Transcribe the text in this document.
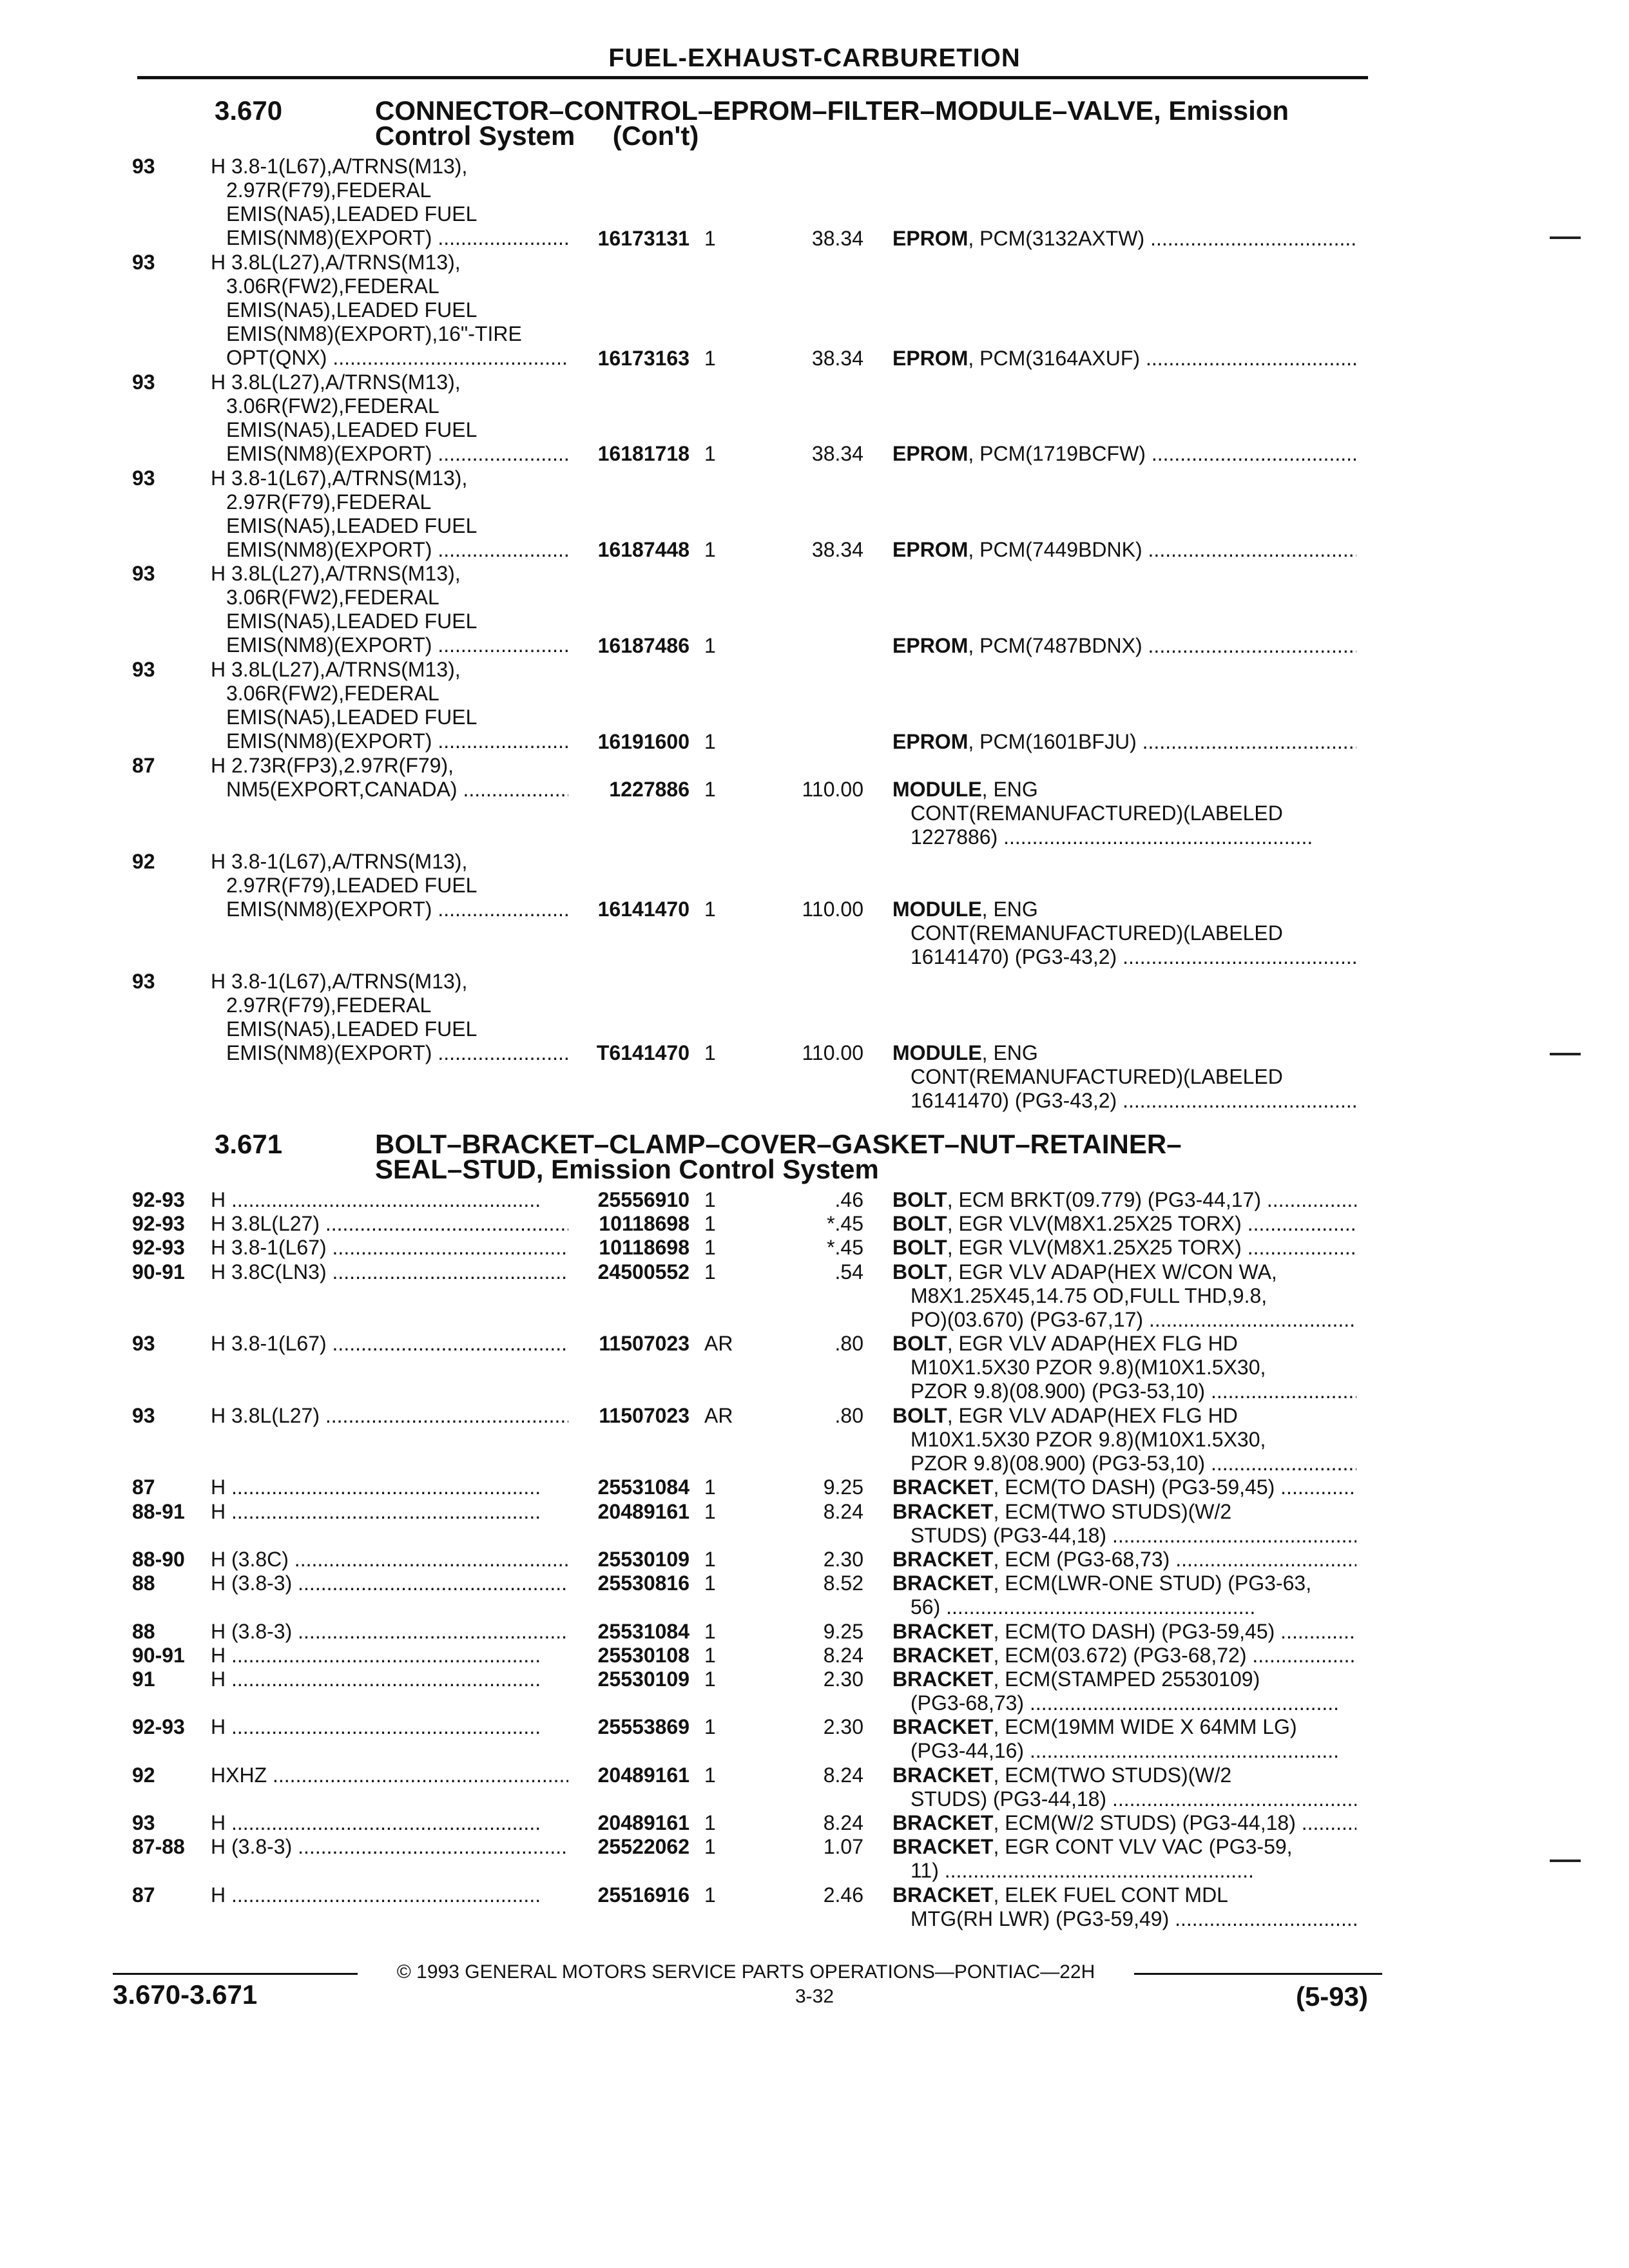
FUEL-EXHAUST-CARBURETION
3.670	CONNECTOR–CONTROL–EPROM–FILTER–MODULE–VALVE, Emission
Control System     (Con't)
93	H 3.8-1(L67),A/TRNS(M13),
2.97R(F79),FEDERAL
EMIS(NA5),LEADED FUEL
EMIS(NM8)(EXPORT) .....	16173131 1	38.34 EPROM, PCM(3132AXTW) .....
93	H 3.8L(L27),A/TRNS(M13),
3.06R(FW2),FEDERAL
EMIS(NA5),LEADED FUEL
EMIS(NM8)(EXPORT),16"-TIRE
OPT(QNX) .....	16173163 1	38.34 EPROM, PCM(3164AXUF) .....
93	H 3.8L(L27),A/TRNS(M13),
3.06R(FW2),FEDERAL
EMIS(NA5),LEADED FUEL
EMIS(NM8)(EXPORT) .....	16181718 1	38.34 EPROM, PCM(1719BCFW) .....
93	H 3.8-1(L67),A/TRNS(M13),
2.97R(F79),FEDERAL
EMIS(NA5),LEADED FUEL
EMIS(NM8)(EXPORT) .....	16187448 1	38.34 EPROM, PCM(7449BDNK) .....
93	H 3.8L(L27),A/TRNS(M13),
3.06R(FW2),FEDERAL
EMIS(NA5),LEADED FUEL
EMIS(NM8)(EXPORT) .....	16187486 1	EPROM, PCM(7487BDNX) .....
93	H 3.8L(L27),A/TRNS(M13),
3.06R(FW2),FEDERAL
EMIS(NA5),LEADED FUEL
EMIS(NM8)(EXPORT) .....	16191600 1	EPROM, PCM(1601BFJU) .....
87	H 2.73R(FP3),2.97R(F79),
NM5(EXPORT,CANADA) .....	1227886 1	110.00 MODULE, ENG
CONT(REMANUFACTURED)(LABELED
1227886) .....
92	H 3.8-1(L67),A/TRNS(M13),
2.97R(F79),LEADED FUEL
EMIS(NM8)(EXPORT) .....	16141470 1	110.00 MODULE, ENG
CONT(REMANUFACTURED)(LABELED
16141470) (PG3-43,2) .....
93	H 3.8-1(L67),A/TRNS(M13),
2.97R(F79),FEDERAL
EMIS(NA5),LEADED FUEL
EMIS(NM8)(EXPORT) .....	T6141470 1	110.00 MODULE, ENG
CONT(REMANUFACTURED)(LABELED
16141470) (PG3-43,2) .....
3.671	BOLT–BRACKET–CLAMP–COVER–GASKET–NUT–RETAINER–
SEAL–STUD, Emission Control System
92-93	H .....	25556910 1	.46 BOLT, ECM BRKT(09.779) (PG3-44,17) .....
92-93	H 3.8L(L27) .....	10118698 1	*.45 BOLT, EGR VLV(M8X1.25X25 TORX) .....
92-93	H 3.8-1(L67) .....	10118698 1	*.45 BOLT, EGR VLV(M8X1.25X25 TORX) .....
90-91	H 3.8C(LN3) .....	24500552 1	.54 BOLT, EGR VLV ADAP(HEX W/CON WA,
M8X1.25X45,14.75 OD,FULL THD,9.8,
PO)(03.670) (PG3-67,17) .....
93	H 3.8-1(L67) .....	11507023 AR	.80 BOLT, EGR VLV ADAP(HEX FLG HD
M10X1.5X30 PZOR 9.8)(M10X1.5X30,
PZOR 9.8)(08.900) (PG3-53,10) .....
93	H 3.8L(L27) .....	11507023 AR	.80 BOLT, EGR VLV ADAP(HEX FLG HD
M10X1.5X30 PZOR 9.8)(M10X1.5X30,
PZOR 9.8)(08.900) (PG3-53,10) .....
87	H .....	25531084 1	9.25 BRACKET, ECM(TO DASH) (PG3-59,45) .....
88-91	H .....	20489161 1	8.24 BRACKET, ECM(TWO STUDS)(W/2
STUDS) (PG3-44,18) .....
88-90	H (3.8C) .....	25530109 1	2.30 BRACKET, ECM (PG3-68,73) .....
88	H (3.8-3) .....	25530816 1	8.52 BRACKET, ECM(LWR-ONE STUD) (PG3-63,
56) .....
88	H (3.8-3) .....	25531084 1	9.25 BRACKET, ECM(TO DASH) (PG3-59,45) .....
90-91	H .....	25530108 1	8.24 BRACKET, ECM(03.672) (PG3-68,72) .....
91	H .....	25530109 1	2.30 BRACKET, ECM(STAMPED 25530109)
(PG3-68,73) .....
92-93	H .....	25553869 1	2.30 BRACKET, ECM(19MM WIDE X 64MM LG)
(PG3-44,16) .....
92	HXHZ .....	20489161 1	8.24 BRACKET, ECM(TWO STUDS)(W/2
STUDS) (PG3-44,18) .....
93	H .....	20489161 1	8.24 BRACKET, ECM(W/2 STUDS) (PG3-44,18) .....
87-88	H (3.8-3) .....	25522062 1	1.07 BRACKET, EGR CONT VLV VAC (PG3-59,
11) .....
87	H .....	25516916 1	2.46 BRACKET, ELEK FUEL CONT MDL
MTG(RH LWR) (PG3-59,49) .....
© 1993 GENERAL MOTORS SERVICE PARTS OPERATIONS—PONTIAC—22H
3.670-3.671	3-32	(5-93)
